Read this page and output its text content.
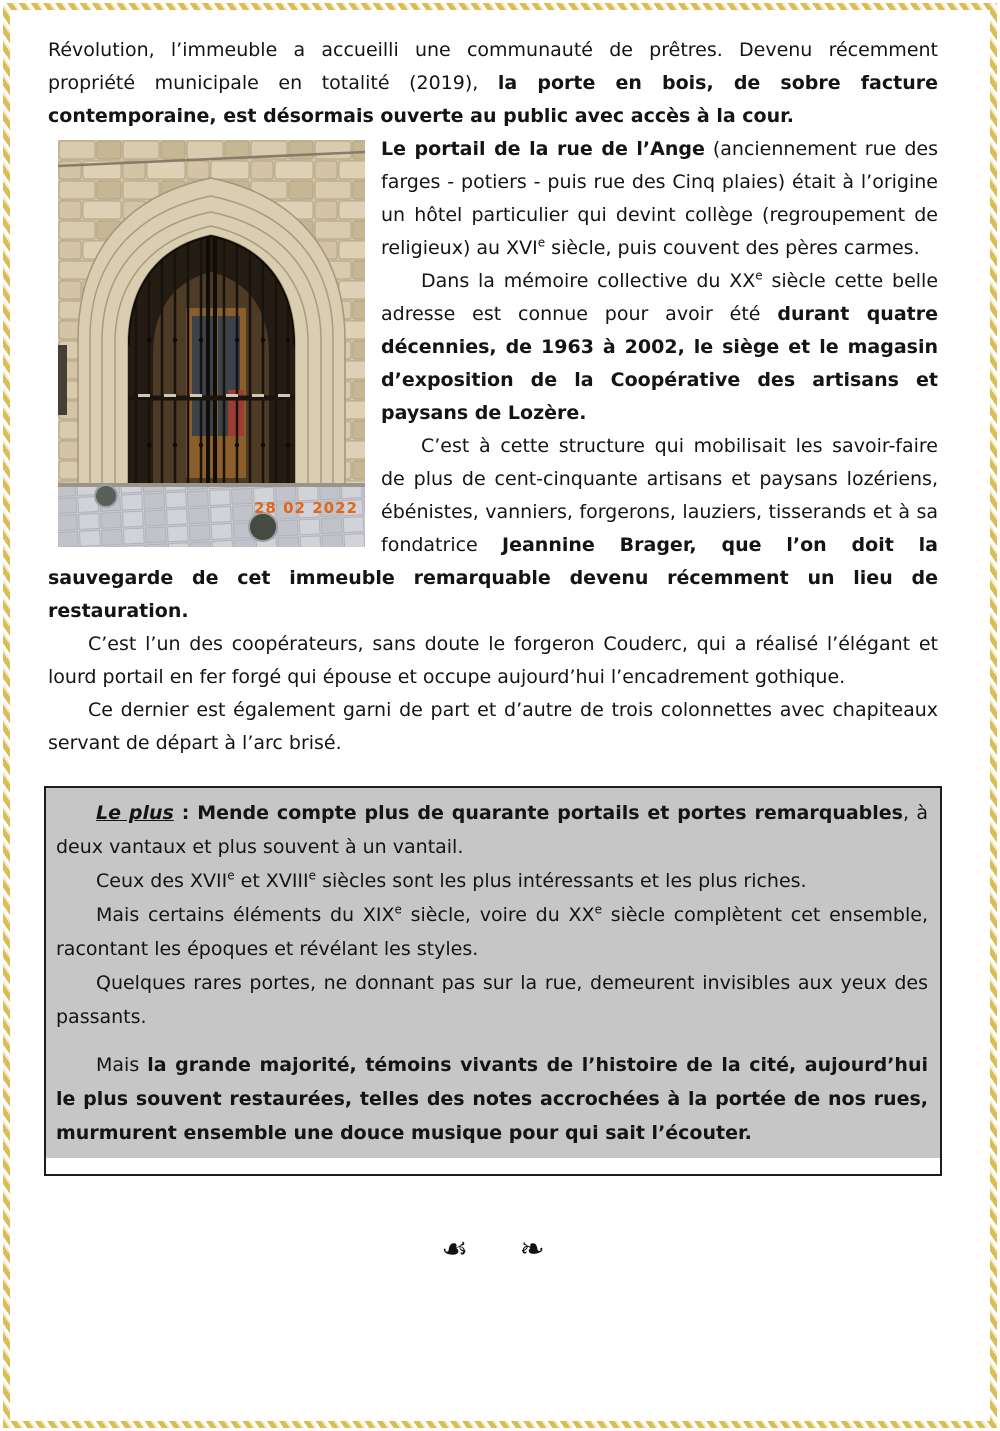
Révolution, l’immeuble a accueilli une communauté de prêtres. Devenu récemment propriété municipale en totalité (2019), la porte en bois, de sobre facture contemporaine, est désormais ouverte au public avec accès à la cour.

28 02 2022

Le portail de la rue de l’Ange (anciennement rue des farges - potiers - puis rue des Cinq plaies) était à l’origine un hôtel particulier qui devint collège (regroupement de religieux) au XVIe siècle, puis couvent des pères carmes.

Dans la mémoire collective du XXe siècle cette belle adresse est connue pour avoir été durant quatre décennies, de 1963 à 2002, le siège et le magasin d’exposition de la Coopérative des artisans et paysans de Lozère.

C’est à cette structure qui mobilisait les savoir-faire de plus de cent-cinquante artisans et paysans lozériens, ébénistes, vanniers, forgerons, lauziers, tisserands et à sa fondatrice Jeannine Brager, que l’on doit la sauvegarde de cet immeuble remarquable devenu récemment un lieu de restauration.

C’est l’un des coopérateurs, sans doute le forgeron Couderc, qui a réalisé l’élégant et lourd portail en fer forgé qui épouse et occupe aujourd’hui l’encadrement gothique.

Ce dernier est également garni de part et d’autre de trois colonnettes avec chapiteaux servant de départ à l’arc brisé.

Le plus : Mende compte plus de quarante portails et portes remarquables, à deux vantaux et plus souvent à un vantail.

Ceux des XVIIe et XVIIIe siècles sont les plus intéressants et les plus riches.

Mais certains éléments du XIXe siècle, voire du XXe siècle complètent cet ensemble, racontant les époques et révélant les styles.

Quelques rares portes, ne donnant pas sur la rue, demeurent invisibles aux yeux des passants.

Mais la grande majorité, témoins vivants de l’histoire de la cité, aujourd’hui le plus souvent restaurées, telles des notes accrochées à la portée de nos rues, murmurent ensemble une douce musique pour qui sait l’écouter.

☙ ❧
